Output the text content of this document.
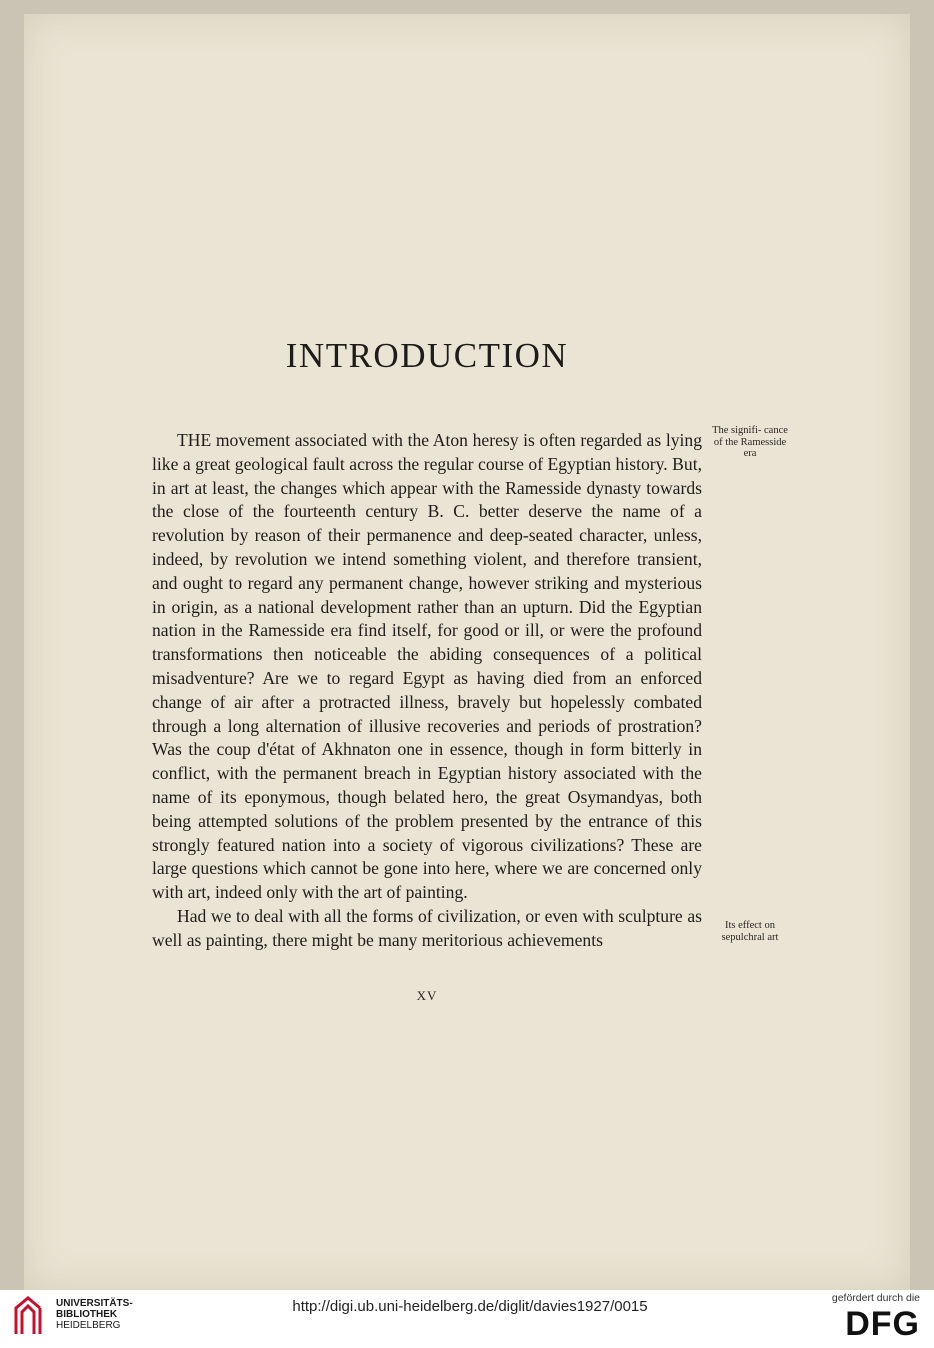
INTRODUCTION

THE movement associated with the Aton heresy is often regarded as lying like a great geological fault across the regular course of Egyptian history. But, in art at least, the changes which appear with the Ramesside dynasty towards the close of the fourteenth century B. C. better deserve the name of a revolution by reason of their permanence and deep-seated character, unless, indeed, by revolution we intend something violent, and therefore transient, and ought to regard any permanent change, however striking and mysterious in origin, as a national development rather than an upturn. Did the Egyptian nation in the Ramesside era find itself, for good or ill, or were the profound transformations then noticeable the abiding consequences of a political misadventure? Are we to regard Egypt as having died from an enforced change of air after a protracted illness, bravely but hopelessly combated through a long alternation of illusive recoveries and periods of prostration? Was the coup d'état of Akhnaton one in essence, though in form bitterly in conflict, with the permanent breach in Egyptian history associated with the name of its eponymous, though belated hero, the great Osymandyas, both being attempted solutions of the problem presented by the entrance of this strongly featured nation into a society of vigorous civilizations? These are large questions which cannot be gone into here, where we are concerned only with art, indeed only with the art of painting.

Had we to deal with all the forms of civilization, or even with sculpture as well as painting, there might be many meritorious achievements

The signifi- cance of the Ramesside era
Its effect on sepulchral art
XV
UNIVERSITÄTS-
BIBLIOTHEK
HEIDELBERG
http://digi.ub.uni-heidelberg.de/diglit/davies1927/0015	gefördert durch die
DFG
